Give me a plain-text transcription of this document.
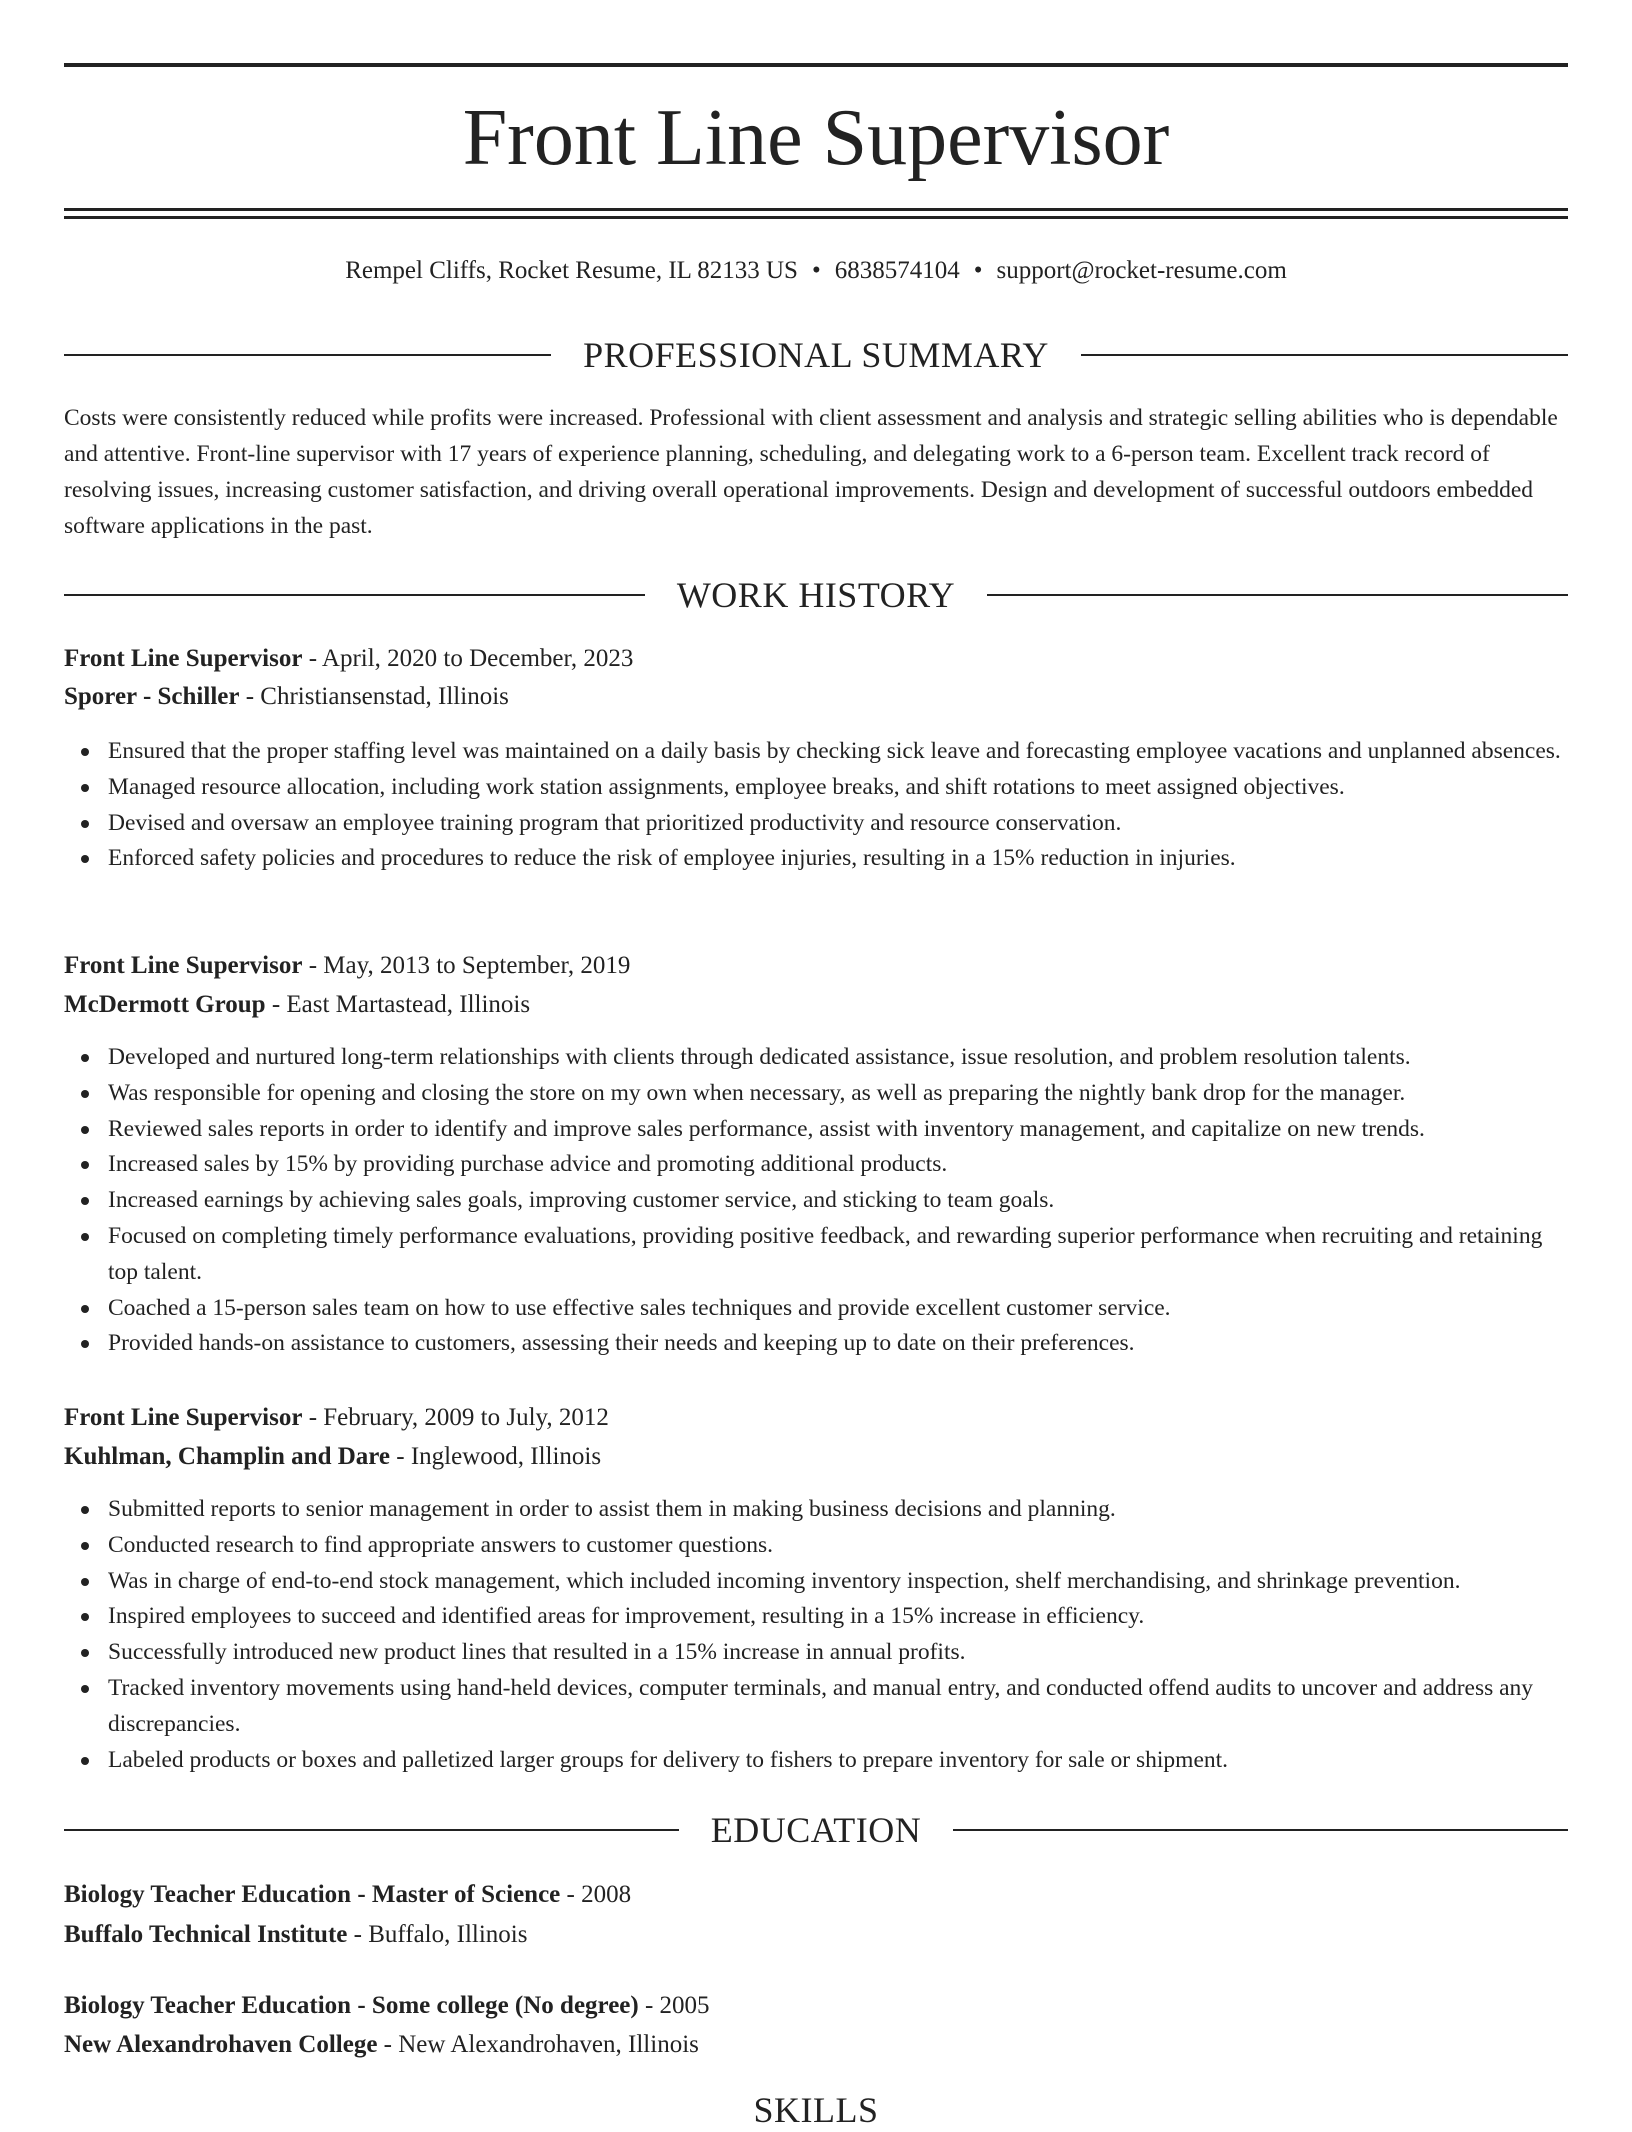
Front Line Supervisor
Rempel Cliffs, Rocket Resume, IL 82133 US • 6838574104 • support@rocket-resume.com
PROFESSIONAL SUMMARY
Costs were consistently reduced while profits were increased. Professional with client assessment and analysis and strategic selling abilities who is dependable and attentive. Front-line supervisor with 17 years of experience planning, scheduling, and delegating work to a 6-person team. Excellent track record of resolving issues, increasing customer satisfaction, and driving overall operational improvements. Design and development of successful outdoors embedded software applications in the past.
WORK HISTORY
Front Line Supervisor - April, 2020 to December, 2023
Sporer - Schiller - Christiansenstad, Illinois
Ensured that the proper staffing level was maintained on a daily basis by checking sick leave and forecasting employee vacations and unplanned absences.
Managed resource allocation, including work station assignments, employee breaks, and shift rotations to meet assigned objectives.
Devised and oversaw an employee training program that prioritized productivity and resource conservation.
Enforced safety policies and procedures to reduce the risk of employee injuries, resulting in a 15% reduction in injuries.
Front Line Supervisor - May, 2013 to September, 2019
McDermott Group - East Martastead, Illinois
Developed and nurtured long-term relationships with clients through dedicated assistance, issue resolution, and problem resolution talents.
Was responsible for opening and closing the store on my own when necessary, as well as preparing the nightly bank drop for the manager.
Reviewed sales reports in order to identify and improve sales performance, assist with inventory management, and capitalize on new trends.
Increased sales by 15% by providing purchase advice and promoting additional products.
Increased earnings by achieving sales goals, improving customer service, and sticking to team goals.
Focused on completing timely performance evaluations, providing positive feedback, and rewarding superior performance when recruiting and retaining top talent.
Coached a 15-person sales team on how to use effective sales techniques and provide excellent customer service.
Provided hands-on assistance to customers, assessing their needs and keeping up to date on their preferences.
Front Line Supervisor - February, 2009 to July, 2012
Kuhlman, Champlin and Dare - Inglewood, Illinois
Submitted reports to senior management in order to assist them in making business decisions and planning.
Conducted research to find appropriate answers to customer questions.
Was in charge of end-to-end stock management, which included incoming inventory inspection, shelf merchandising, and shrinkage prevention.
Inspired employees to succeed and identified areas for improvement, resulting in a 15% increase in efficiency.
Successfully introduced new product lines that resulted in a 15% increase in annual profits.
Tracked inventory movements using hand-held devices, computer terminals, and manual entry, and conducted offend audits to uncover and address any discrepancies.
Labeled products or boxes and palletized larger groups for delivery to fishers to prepare inventory for sale or shipment.
EDUCATION
Biology Teacher Education - Master of Science - 2008
Buffalo Technical Institute - Buffalo, Illinois
Biology Teacher Education - Some college (No degree) - 2005
New Alexandrohaven College - New Alexandrohaven, Illinois
SKILLS
